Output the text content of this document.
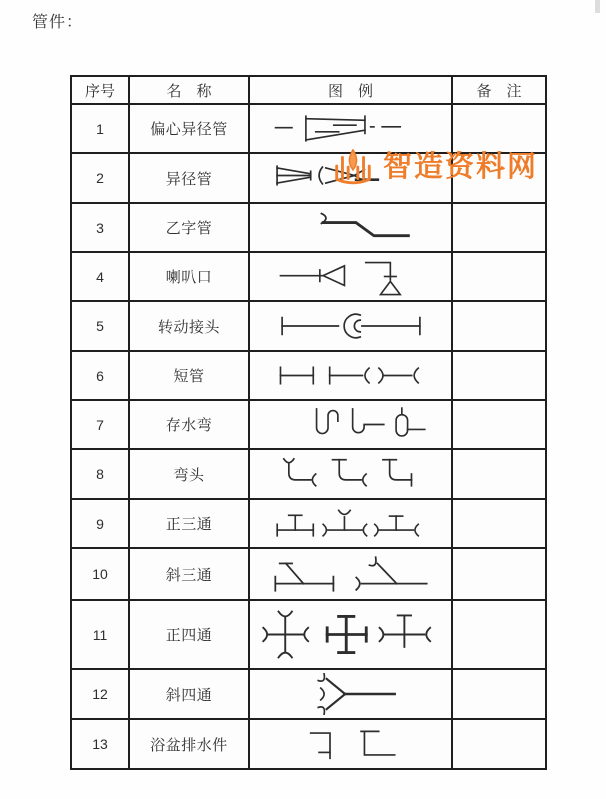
管件：
序号	名　称	图　例	备　注
1	偏心异径管	

2	异径管	

3	乙字管	

4	喇叭口	

5	转动接头	

6	短管	

7	存水弯	

8	弯头	

9	正三通	

10	斜三通	

11	正四通	

12	斜四通	

13	浴盆排水件	

智造资料网
